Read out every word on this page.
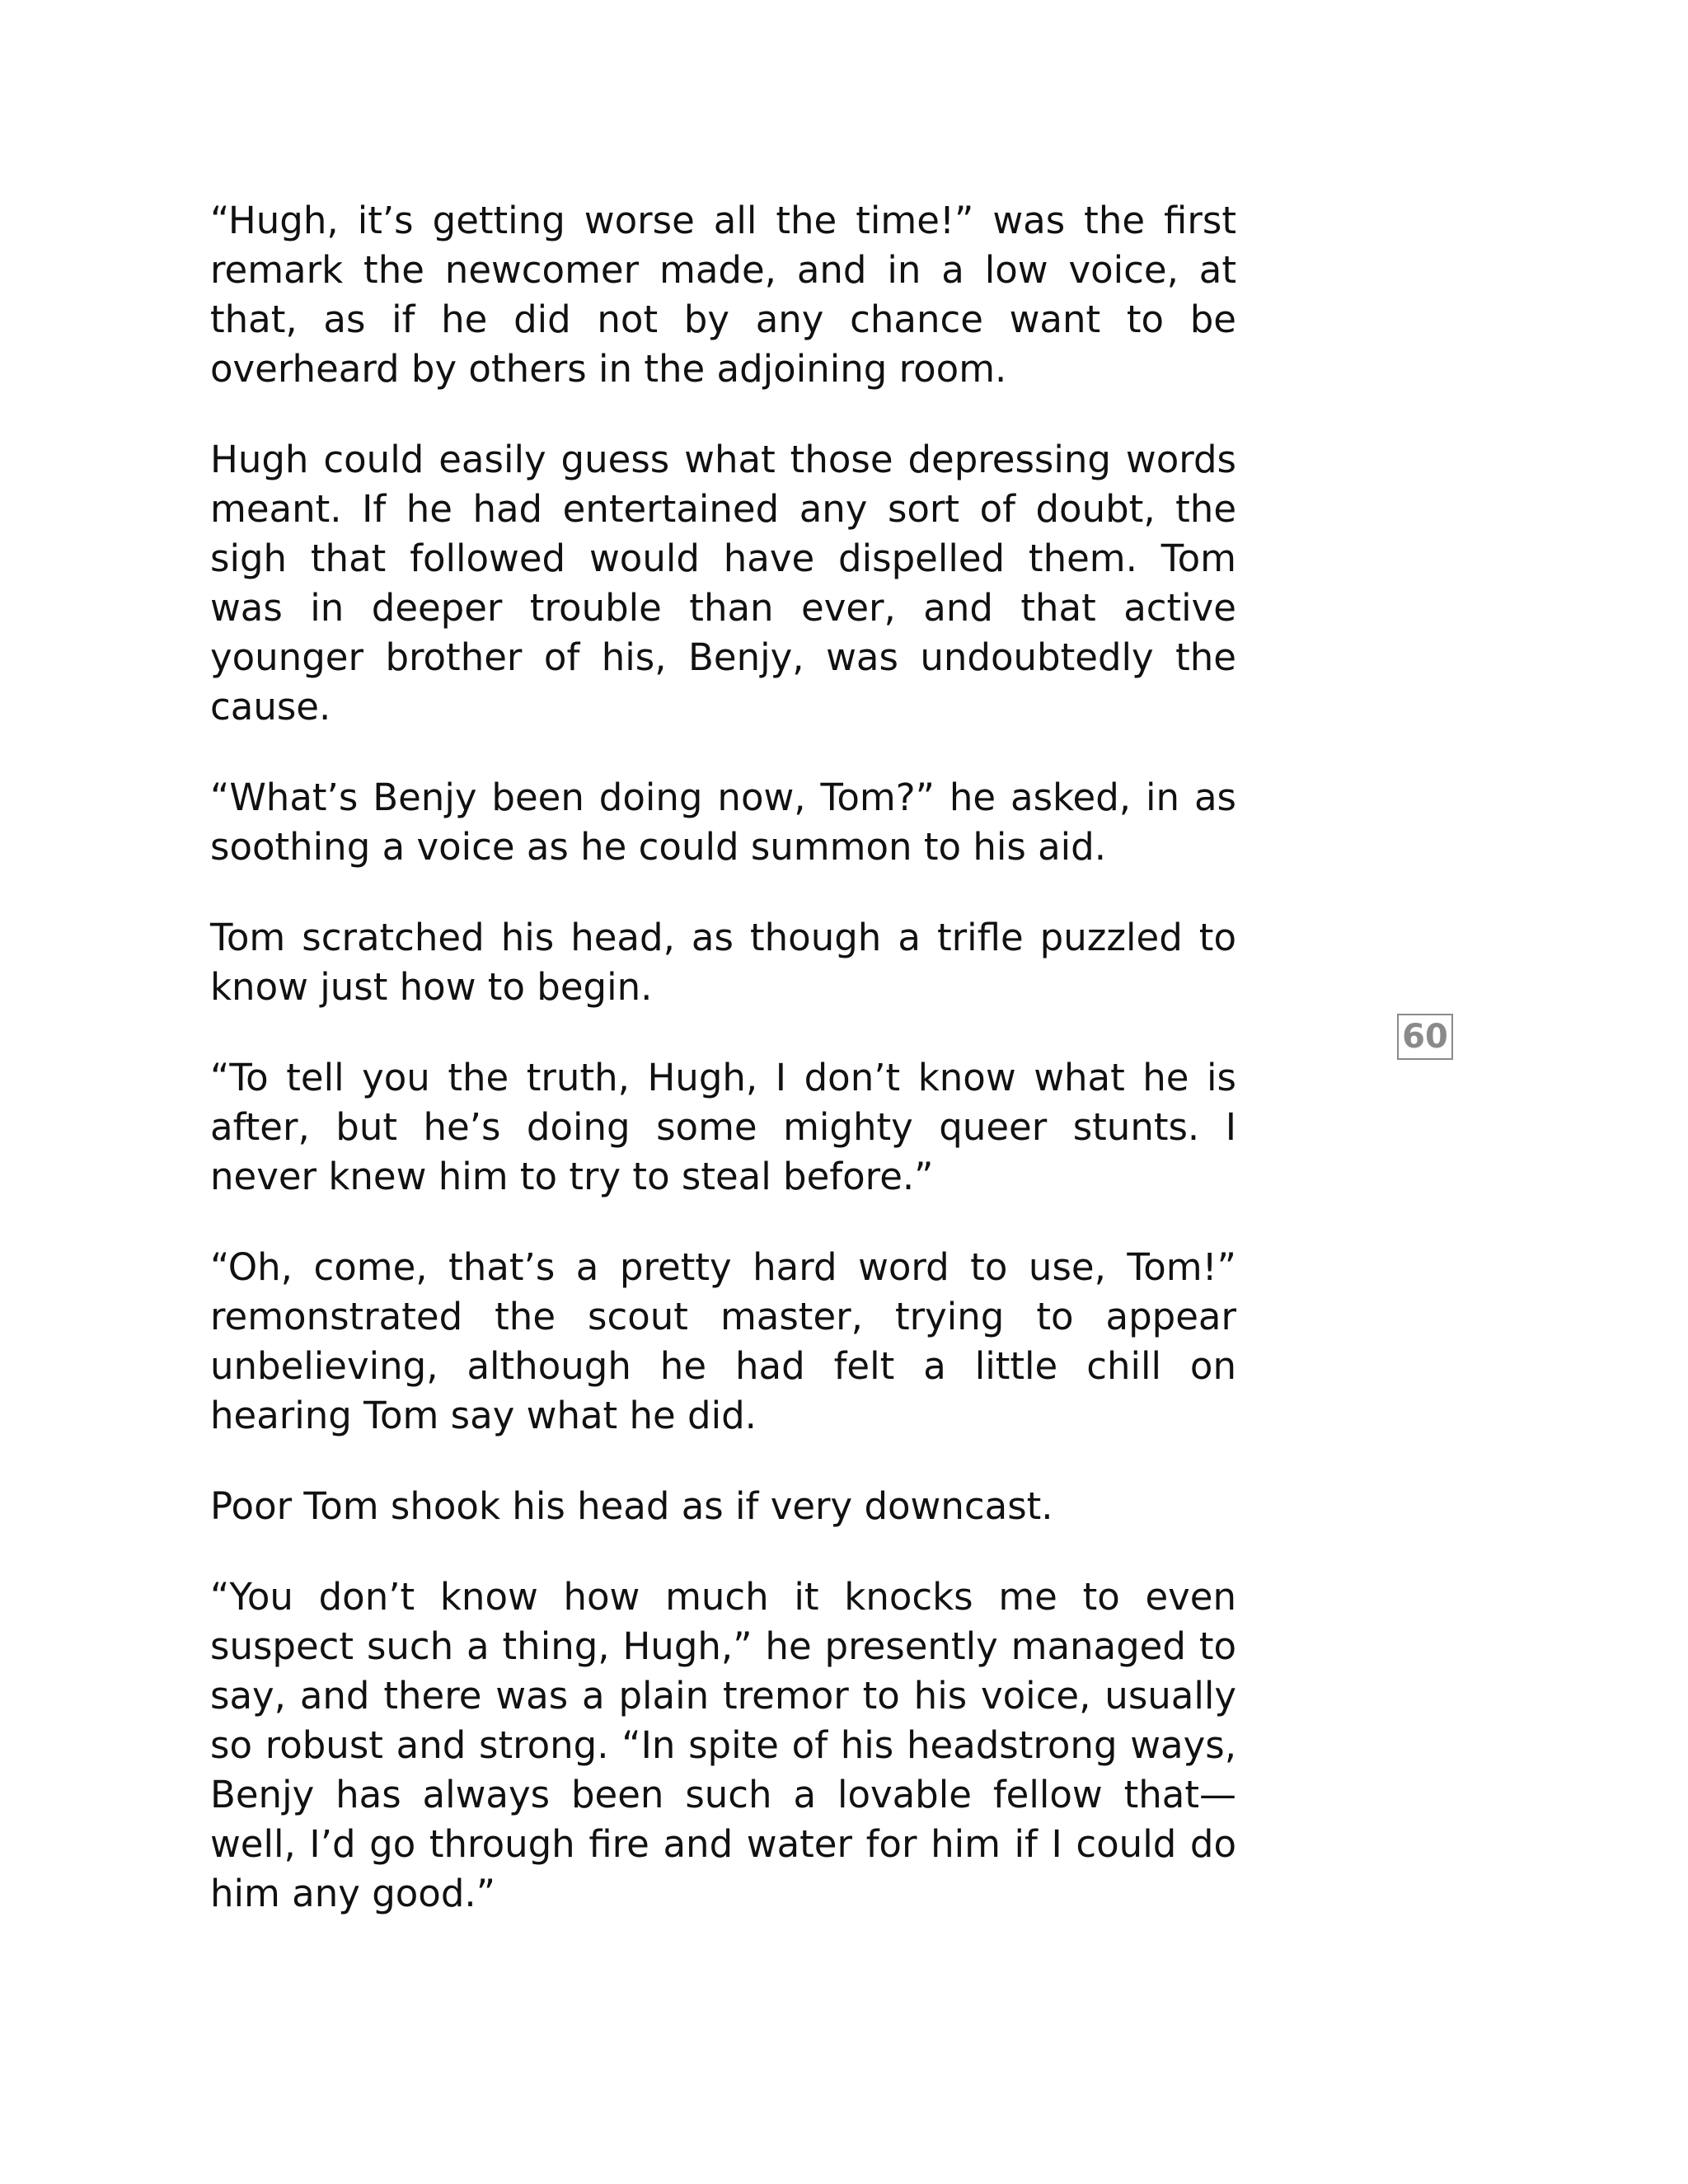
“Hugh, it’s getting worse all the time!” was the first remark the newcomer made, and in a low voice, at that, as if he did not by any chance want to be overheard by others in the adjoining room.

Hugh could easily guess what those depressing words meant. If he had entertained any sort of doubt, the sigh that followed would have dispelled them. Tom was in deeper trouble than ever, and that active younger brother of his, Benjy, was undoubtedly the cause.

“What’s Benjy been doing now, Tom?” he asked, in as soothing a voice as he could summon to his aid.

Tom scratched his head, as though a trifle puzzled to know just how to begin.

“To tell you the truth, Hugh, I don’t know what he is after, but he’s doing some mighty queer stunts. I never knew him to try to steal before.”

“Oh, come, that’s a pretty hard word to use, Tom!” remonstrated the scout master, trying to appear unbelieving, although he had felt a little chill on hearing Tom say what he did.

Poor Tom shook his head as if very downcast.

“You don’t know how much it knocks me to even suspect such a thing, Hugh,” he presently managed to say, and there was a plain tremor to his voice, usually so robust and strong. “In spite of his headstrong ways, Benjy has always been such a lovable fellow that—well, I’d go through fire and water for him if I could do him any good.”

60
